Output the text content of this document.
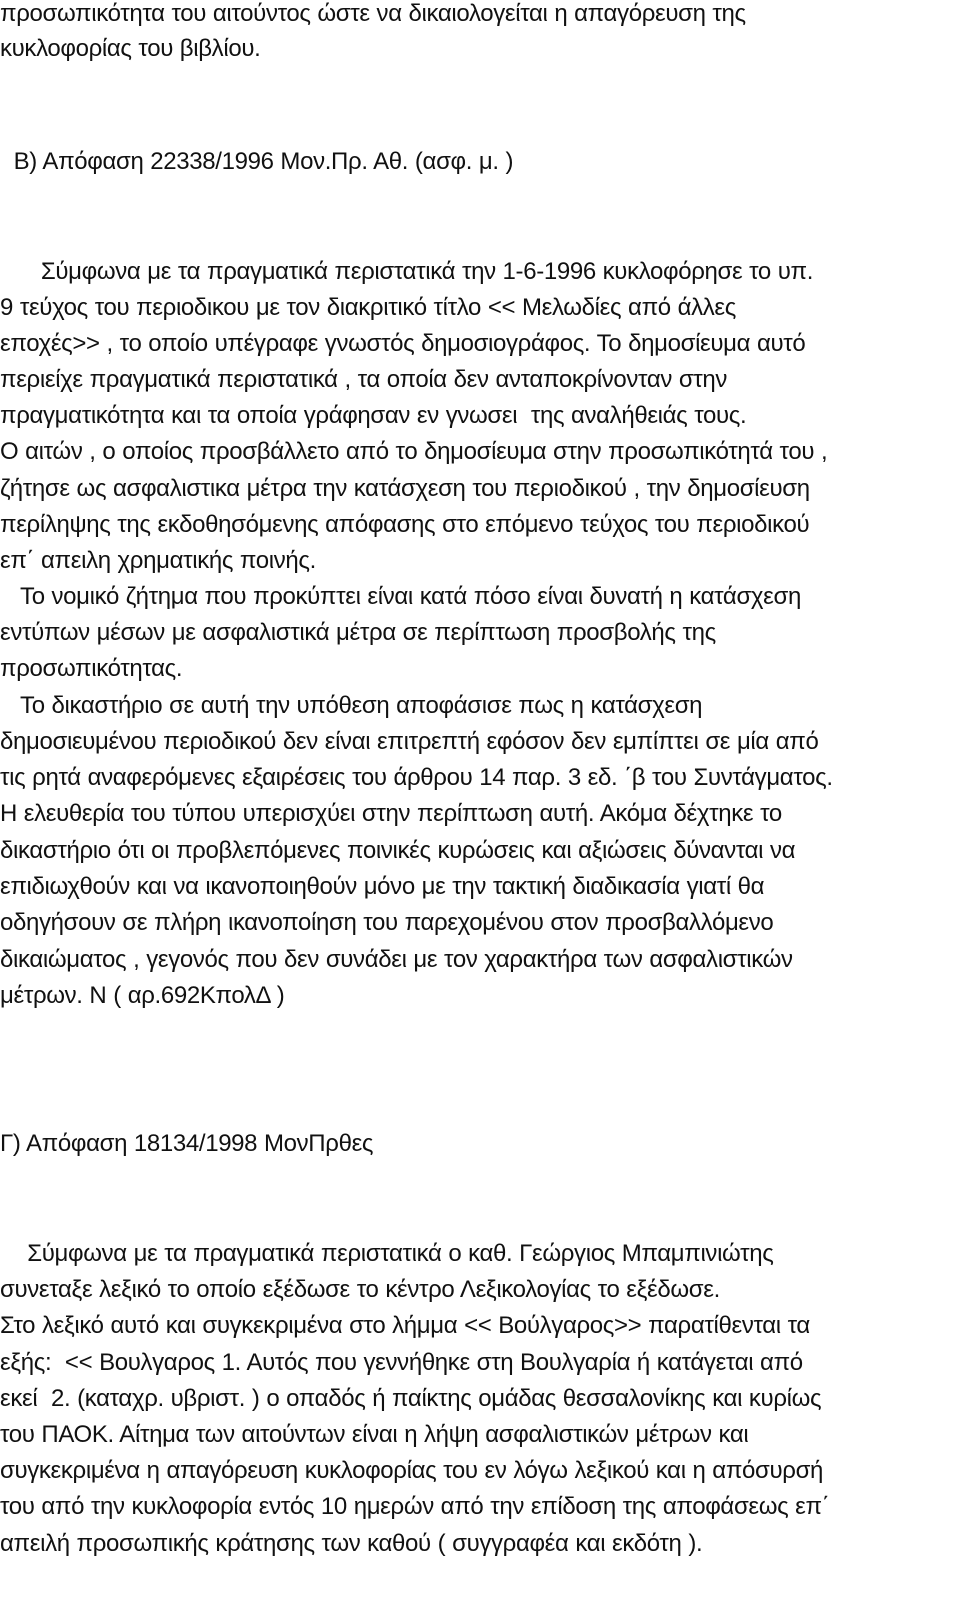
προσωπικότητα του αιτούντος ώστε να δικαιολογείται η απαγόρευση της
κυκλοφορίας του βιβλίου.
Β) Απόφαση 22338/1996 Μον.Πρ. Αθ. (ασφ. μ. )
Σύμφωνα με τα πραγματικά περιστατικά την 1-6-1996 κυκλοφόρησε το υπ.
9 τεύχος του περιοδικου με τον διακριτικό τίτλο << Μελωδίες από άλλες
εποχές>> , το οποίο υπέγραφε γνωστός δημοσιογράφος. Το δημοσίευμα αυτό
περιείχε πραγματικά περιστατικά , τα οποία δεν ανταποκρίνονταν στην
πραγματικότητα και τα οποία γράφησαν εν γνωσει  της αναλήθειάς τους.
Ο αιτών , ο οποίος προσβάλλετο από το δημοσίευμα στην προσωπικότητά του ,
ζήτησε ως ασφαλιστικα μέτρα την κατάσχεση του περιοδικού , την δημοσίευση
περίληψης της εκδοθησόμενης απόφασης στο επόμενο τεύχος του περιοδικού
επ΄ απειλη χρηματικής ποινής.
Το νομικό ζήτημα που προκύπτει είναι κατά πόσο είναι δυνατή η κατάσχεση
εντύπων μέσων με ασφαλιστικά μέτρα σε περίπτωση προσβολής της
προσωπικότητας.
Το δικαστήριο σε αυτή την υπόθεση αποφάσισε πως η κατάσχεση
δημοσιευμένου περιοδικού δεν είναι επιτρεπτή εφόσον δεν εμπίπτει σε μία από
τις ρητά αναφερόμενες εξαιρέσεις του άρθρου 14 παρ. 3 εδ. ΄β του Συντάγματος.
Η ελευθερία του τύπου υπερισχύει στην περίπτωση αυτή. Ακόμα δέχτηκε το
δικαστήριο ότι οι προβλεπόμενες ποινικές κυρώσεις και αξιώσεις δύνανται να
επιδιωχθούν και να ικανοποιηθούν μόνο με την τακτική διαδικασία γιατί θα
οδηγήσουν σε πλήρη ικανοποίηση του παρεχομένου στον προσβαλλόμενο
δικαιώματος , γεγονός που δεν συνάδει με τον χαρακτήρα των ασφαλιστικών
μέτρων. Ν ( αρ.692ΚπολΔ )
Γ) Απόφαση 18134/1998 ΜονΠρθες
Σύμφωνα με τα πραγματικά περιστατικά ο καθ. Γεώργιος Μπαμπινιώτης
συνεταξε λεξικό το οποίο εξέδωσε το κέντρο Λεξικολογίας το εξέδωσε.
Στο λεξικό αυτό και συγκεκριμένα στο λήμμα << Βούλγαρος>> παρατίθενται τα
εξής:  << Βουλγαρος 1. Αυτός που γεννήθηκε στη Βουλγαρία ή κατάγεται από
εκεί  2. (καταχρ. υβριστ. ) ο οπαδός ή παίκτης ομάδας θεσσαλονίκης και κυρίως
του ΠΑΟΚ. Αίτημα των αιτούντων είναι η λήψη ασφαλιστικών μέτρων και
συγκεκριμένα η απαγόρευση κυκλοφορίας του εν λόγω λεξικού και η απόσυρσή
του από την κυκλοφορία εντός 10 ημερών από την επίδοση της αποφάσεως επ΄
απειλή προσωπικής κράτησης των καθού ( συγγραφέα και εκδότη ).
